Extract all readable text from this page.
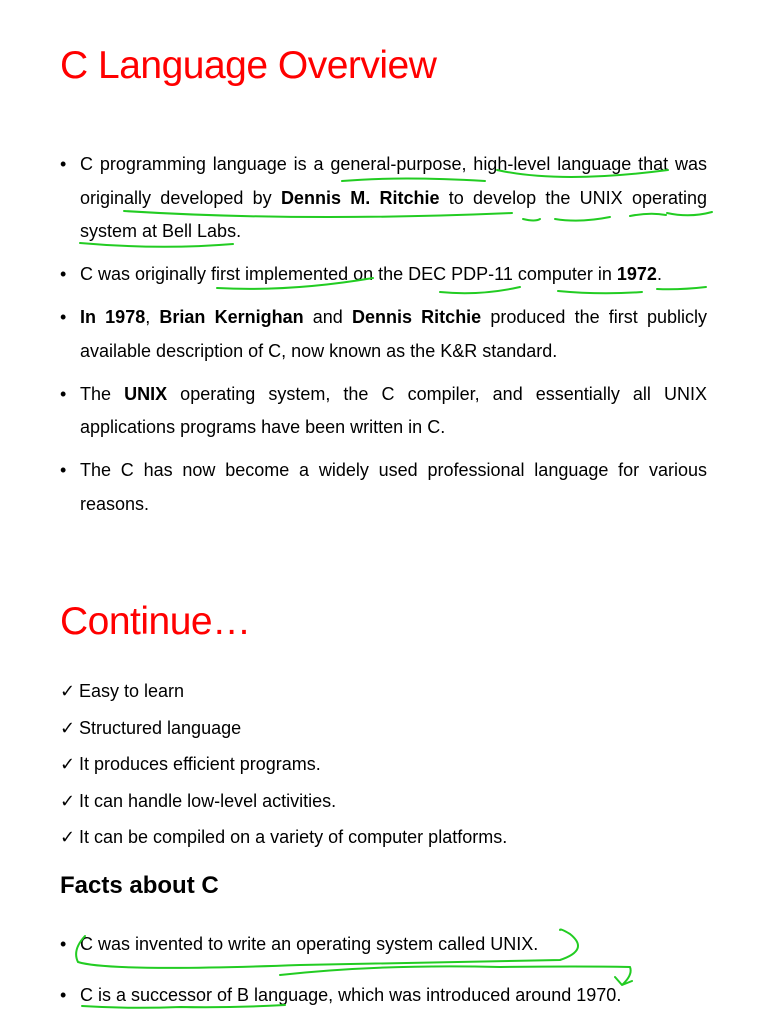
C Language Overview
• C programming language is a general-purpose, high-level language that was originally developed by Dennis M. Ritchie to develop the UNIX operating system at Bell Labs.
• C was originally first implemented on the DEC PDP-11 computer in 1972.
• In 1978, Brian Kernighan and Dennis Ritchie produced the first publicly available description of C, now known as the K&R standard.
• The UNIX operating system, the C compiler, and essentially all UNIX applications programs have been written in C.
• The C has now become a widely used professional language for various reasons.
Continue…
✓ Easy to learn
✓ Structured language
✓ It produces efficient programs.
✓ It can handle low-level activities.
✓ It can be compiled on a variety of computer platforms.
Facts about C
• C was invented to write an operating system called UNIX.
• C is a successor of B language, which was introduced around 1970.
